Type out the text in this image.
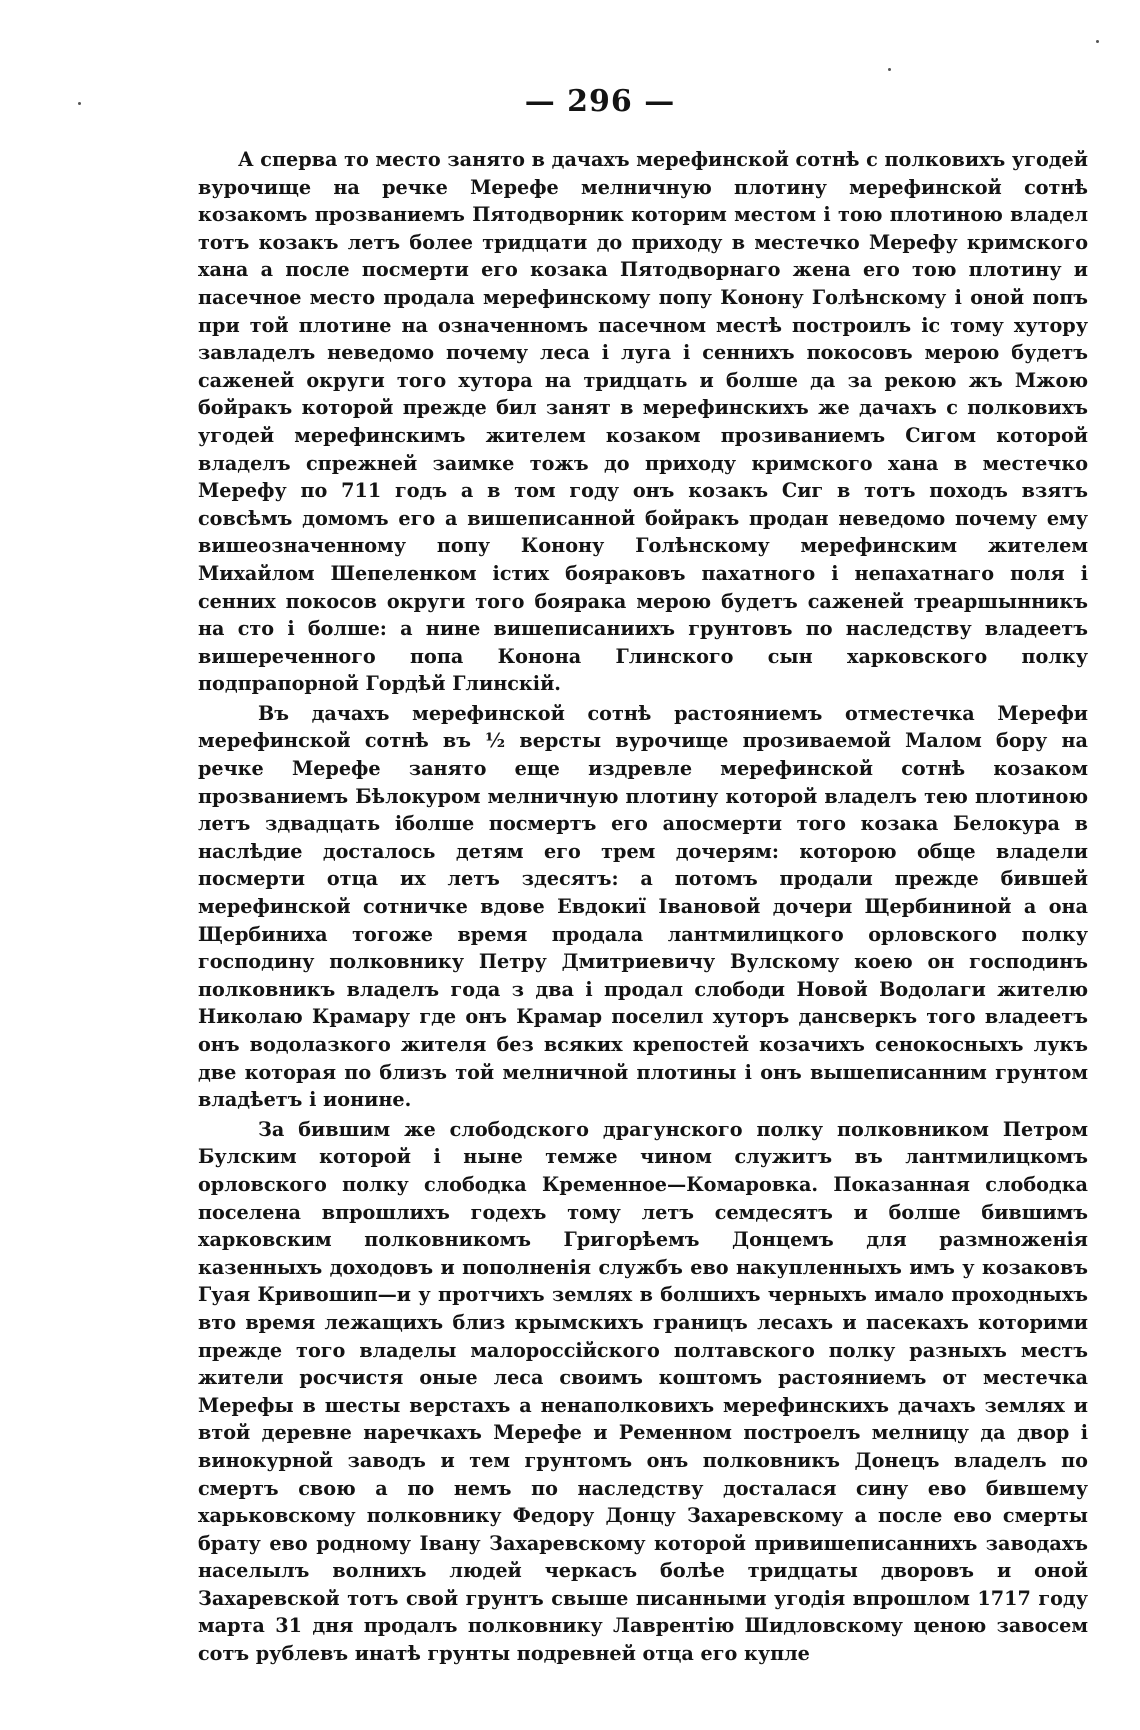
— 296 —

А сперва то место занято в дачахъ мерефинской сотнѣ с полковихъ угодей вурочище на речке Мерефе мелничную плотину мерефинской сотнѣ козакомъ прозваниемъ Пятодворник которим местом і тою плотиною владел тотъ козакъ летъ более тридцати до приходу в местечко Мерефу кримского хана а после посмерти его козака Пятодворнаго жена его тою плотину и пасечное место продала мерефинскому попу Конону Голѣнскому і оной попъ при той плотине на означенномъ пасечном местѣ построилъ іс тому хутору завладелъ неведомо почему леса і луга і сенниxъ покосовъ мерою будетъ саженей округи того хутора на тридцать и болше да за рекою жъ Мжою бойракъ которой прежде бил занят в мерефинскихъ же дачахъ с полковихъ угодей мерефинскимъ жителем козаком прозиваниемъ Сигом которой владелъ спрежней заимке тожъ до приходу кримского хана в местечко Мерефу по 711 годъ а в том году онъ козакъ Сиг в тотъ походъ взятъ совсѣмъ домомъ его а вишеписанной бойракъ продан неведомо почему ему вишеозначенному попу Конону Голѣнскому мерефинским жителем Михайлом Шепеленком істих бояраковъ пахатного і непахатнаго поля і сенних покосов округи того боярака мерою будетъ саженей треаршынникъ на сто і болше: а нине вишеписаниихъ грунтовъ по наследству владеетъ вишереченного попа Конона Глинского сын харковского полку подпрапорной Гордѣй Глинскій.

Въ дачахъ мерефинской сотнѣ растояниемъ отместечка Мерефи мерефинской сотнѣ въ ½ версты вурочище прозиваемой Малом бору на речке Мерефе занято еще издревле мерефинской сотнѣ козаком прозваниемъ Бѣлокуром мелничную плотину которой владелъ тею плотиною летъ здвадцать іболше посмертъ его апосмерти того козака Белокура в наслѣдие досталось детям его трем дочерям: которою обще владели посмерти отца их летъ здесятъ: а потомъ продали прежде бившей мерефинской сотничке вдове Евдокиї Івановой дочери Щербининой а она Щербиниха тогоже время продала лантмилицкого орловского полку господину полковнику Петру Дмитриевичу Вулскому коею он господинъ полковникъ владелъ года з два і продал слободи Новой Водолаги жителю Николаю Крамару где онъ Крамар поселил хуторъ дансверкъ того владеетъ онъ водолазкого жителя без всяких крепостей козачихъ сенокосныхъ лукъ две которая по близъ той мелничной плотины і онъ вышеписанним грунтом владѣетъ і ионине.

За бившим же слободского драгунского полку полковником Петром Булским которой і ныне темже чином служитъ въ лантмилицкомъ орловского полку слободка Кременное—Комаровка. Показанная слободка поселена впрошлихъ годехъ тому летъ семдесятъ и болше бившимъ харковским полковникомъ Григорѣемъ Донцемъ для размноженія казенныхъ доходовъ и пополненія службъ ево накупленныхъ имъ у козаковъ Гуая Кривошип—и у протчихъ землях в болшихъ черныхъ имало проходныхъ вто время лежащихъ близ крымскихъ границъ лесахъ и пасекахъ которими прежде того владелы малороссійского полтавского полку разныхъ местъ жители росчистя оные леса своимъ коштомъ растояниемъ от местечка Мерефы в шесты верстахъ а ненаполковихъ мерефинскихъ дачахъ землях и втой деревне наречкахъ Мерефе и Ременном построелъ мелницу да двор і винокурной заводъ и тем грунтомъ онъ полковникъ Донецъ владелъ по смертъ свою а по немъ по наследству досталася сину ево бившему харьковскому полковнику Федору Донцу Захаревскому а после ево смерты брату ево родному Івану Захаревскому которой привишеписаннихъ заводахъ населылъ волнихъ людей черкасъ болѣе тридцаты дворовъ и оной Захаревской тотъ свой грунтъ свыше писанными угодія впрошлом 1717 году марта 31 дня продалъ полковнику Лаврентію Шидловскому ценою завосем сотъ рублевъ инатѣ грунты подревней отца его купле
